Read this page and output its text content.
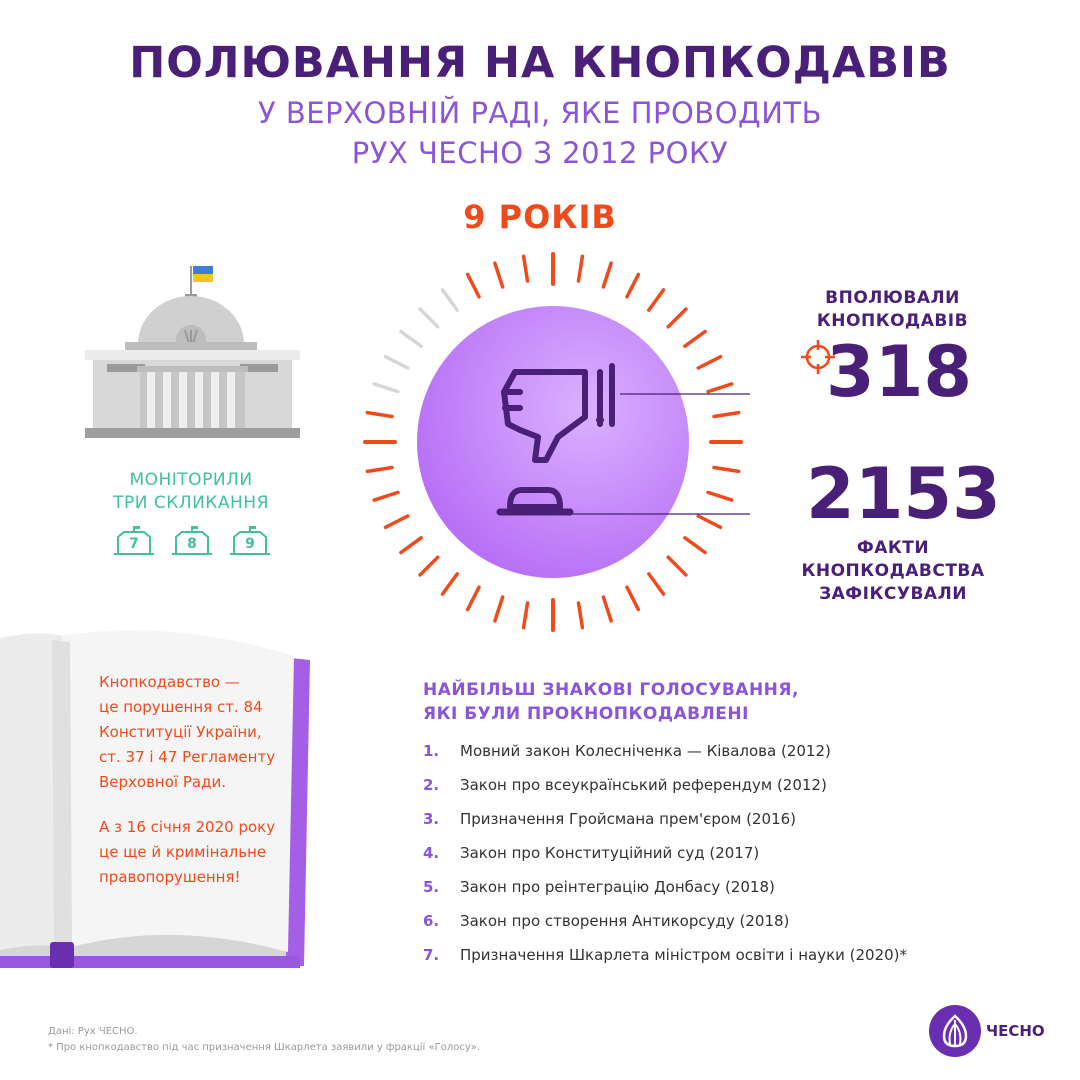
ПОЛЮВАННЯ НА КНОПКОДАВІВ
У ВЕРХОВНІЙ РАДІ, ЯКЕ ПРОВОДИТЬ
РУХ ЧЕСНО З 2012 РОКУ
9 РОКІВ
МОНІТОРИЛИ
ТРИ СКЛИКАННЯ
7	8	9
ВПОЛЮВАЛИ
КНОПКОДАВІВ
318
2153
ФАКТИ
КНОПКОДАВСТВА
ЗАФІКСУВАЛИ
Кнопкодавство —
це порушення ст. 84
Конституції України,
ст. 37 і 47 Регламенту
Верховної Ради.
А з 16 січня 2020 року
це ще й кримінальне
правопорушення!
НАЙБІЛЬШ ЗНАКОВІ ГОЛОСУВАННЯ,
ЯКІ БУЛИ ПРОКНОПКОДАВЛЕНІ
1.	Мовний закон Колесніченка — Ківалова (2012)
2.	Закон про всеукраїнський референдум (2012)
3.	Призначення Гройсмана прем'єром (2016)
4.	Закон про Конституційний суд (2017)
5.	Закон про реінтеграцію Донбасу (2018)
6.	Закон про створення Антикорсуду (2018)
7.	Призначення Шкарлета міністром освіти і науки (2020)*
Дані: Рух ЧЕСНО.
* Про кнопкодавство під час призначення Шкарлета заявили у фракції «Голосу».
ЧЕСНО
